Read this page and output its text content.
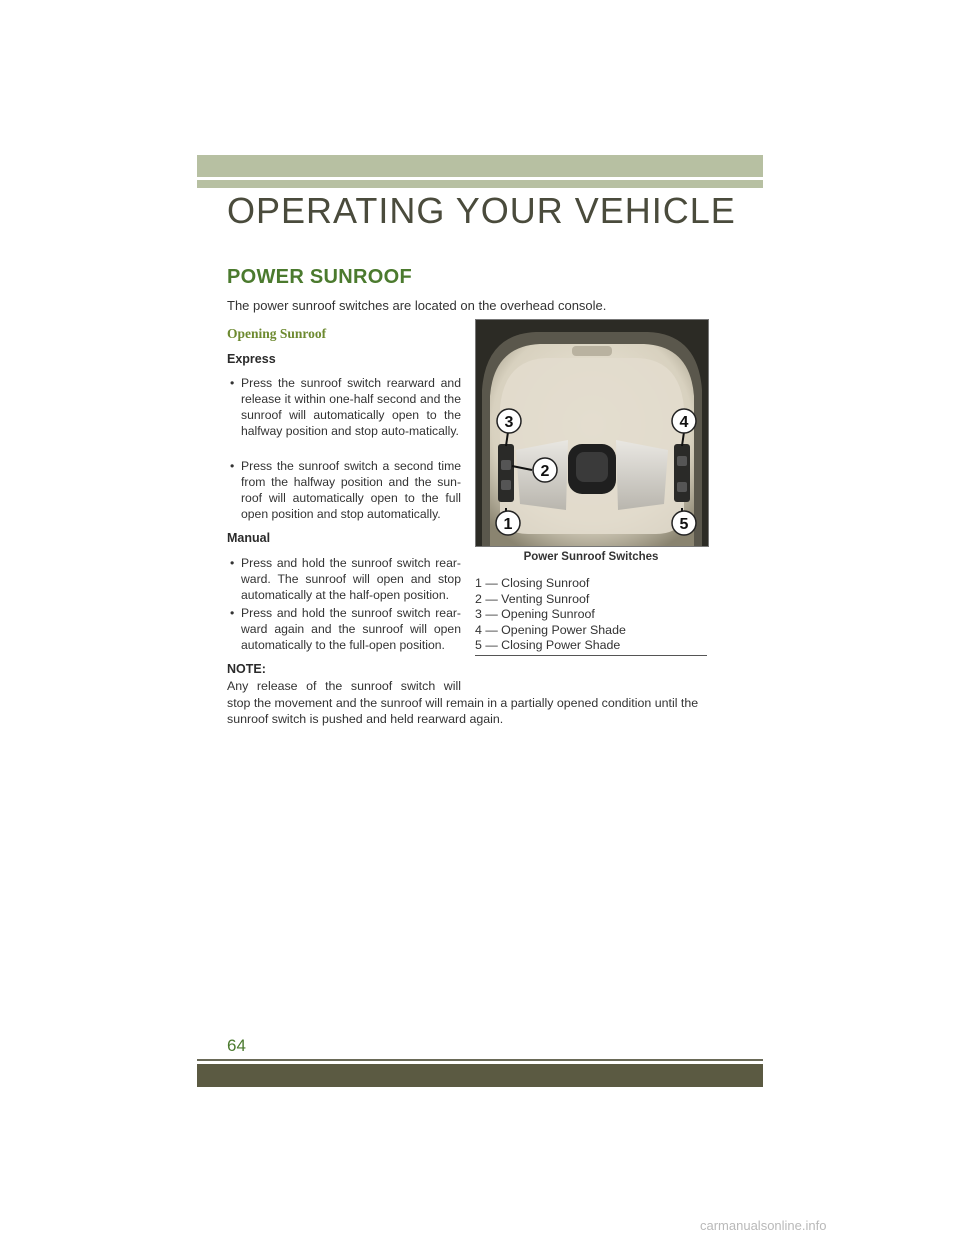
OPERATING YOUR VEHICLE
POWER SUNROOF
The power sunroof switches are located on the overhead console.
Opening Sunroof
Express
• Press the sunroof switch rearward and release it within one-half second and the sunroof will automatically open to the halfway position and stop auto-matically.
• Press the sunroof switch a second time from the halfway position and the sun-roof will automatically open to the full open position and stop automatically.
Manual
• Press and hold the sunroof switch rear-ward. The sunroof will open and stop automatically at the half-open position.
• Press and hold the sunroof switch rear-ward again and the sunroof will open automatically to the full-open position.
NOTE:
Any release of the sunroof switch will
stop the movement and the sunroof will remain in a partially opened condition until the sunroof switch is pushed and held rearward again.
3	4
2
1	5
Power Sunroof Switches
1 — Closing Sunroof
2 — Venting Sunroof
3 — Opening Sunroof
4 — Opening Power Shade
5 — Closing Power Shade
64
carmanualsonline.info
